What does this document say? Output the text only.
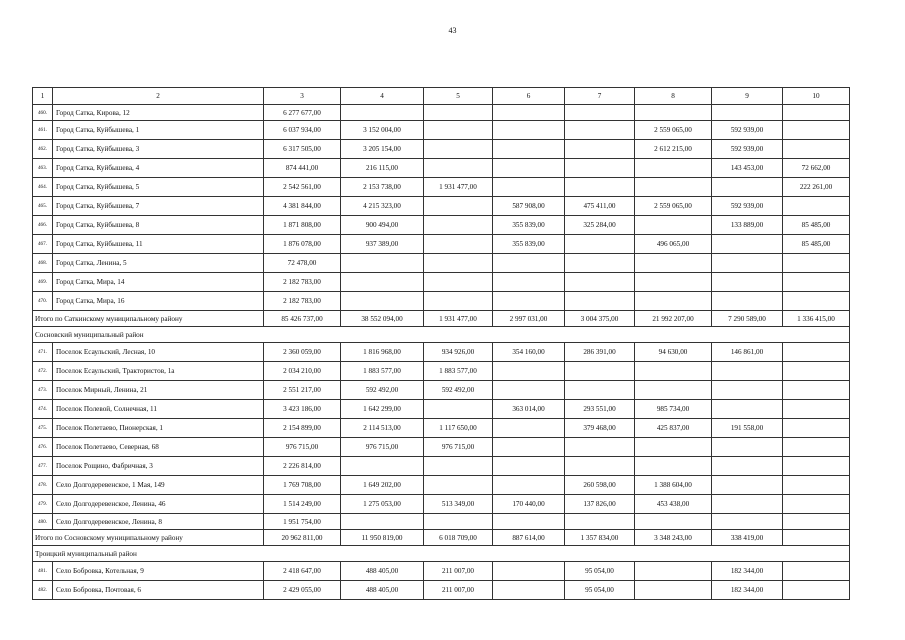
43
1	2	3	4	5	6	7	8	9	10
460.	Город Сатка, Кирова, 12	6 277 677,00							
461.	Город Сатка, Куйбышева, 1	6 037 934,00	3 152 004,00				2 559 065,00	592 939,00	
462.	Город Сатка, Куйбышева, 3	6 317 505,00	3 205 154,00				2 612 215,00	592 939,00	
463.	Город Сатка, Куйбышева, 4	874 441,00	216 115,00					143 453,00	72 662,00
464.	Город Сатка, Куйбышева, 5	2 542 561,00	2 153 738,00	1 931 477,00					222 261,00
465.	Город Сатка, Куйбышева, 7	4 381 844,00	4 215 323,00		587 908,00	475 411,00	2 559 065,00	592 939,00	
466.	Город Сатка, Куйбышева, 8	1 871 808,00	900 494,00		355 839,00	325 284,00		133 889,00	85 485,00
467.	Город Сатка, Куйбышева, 11	1 876 078,00	937 389,00		355 839,00		496 065,00		85 485,00
468.	Город Сатка, Ленина, 5	72 478,00							
469.	Город Сатка, Мира, 14	2 182 783,00							
470.	Город Сатка, Мира, 16	2 182 783,00							
Итого по Саткинскому муниципальному району		85 426 737,00	38 552 094,00	1 931 477,00	2 997 031,00	3 004 375,00	21 992 207,00	7 290 589,00	1 336 415,00
Сосновский муниципальный район									
471.	Поселок Есаульский, Лесная, 10	2 360 059,00	1 816 968,00	934 926,00	354 160,00	286 391,00	94 630,00	146 861,00	
472.	Поселок Есаульский, Трактористов, 1а	2 034 210,00	1 883 577,00	1 883 577,00					
473.	Поселок Мирный, Ленина, 21	2 551 217,00	592 492,00	592 492,00					
474.	Поселок Полевой, Солнечная, 11	3 423 186,00	1 642 299,00		363 014,00	293 551,00	985 734,00		
475.	Поселок Полетаево, Пионерская, 1	2 154 899,00	2 114 513,00	1 117 650,00		379 468,00	425 837,00	191 558,00	
476.	Поселок Полетаево, Северная, 68	976 715,00	976 715,00	976 715,00					
477.	Поселок Рощино, Фабричная, 3	2 226 814,00							
478.	Село Долгодеревенское, 1 Мая, 149	1 769 708,00	1 649 202,00			260 598,00	1 388 604,00		
479.	Село Долгодеревенское, Ленина, 46	1 514 249,00	1 275 053,00	513 349,00	170 440,00	137 826,00	453 438,00		
480.	Село Долгодеревенское, Ленина, 8	1 951 754,00							
Итого по Сосновскому муниципальному району		20 962 811,00	11 950 819,00	6 018 709,00	887 614,00	1 357 834,00	3 348 243,00	338 419,00	
Троицкий муниципальный район									
481.	Село Бобровка, Котельная, 9	2 418 647,00	488 405,00	211 007,00		95 054,00		182 344,00	
482.	Село Бобровка, Почтовая, 6	2 429 055,00	488 405,00	211 007,00		95 054,00		182 344,00	
